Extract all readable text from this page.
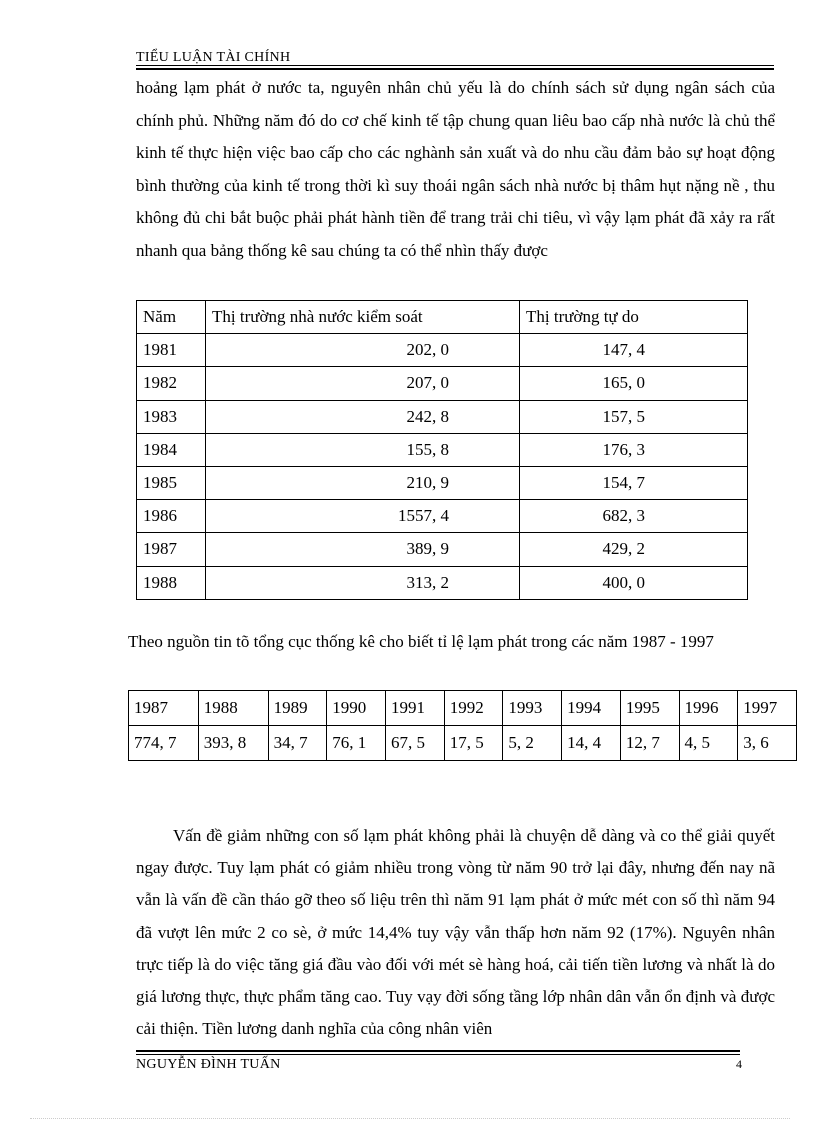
TIỂU LUẬN TÀI CHÍNH

hoảng lạm phát ở nước ta, nguyên nhân chủ yếu là do chính sách sử dụng ngân sách của chính phủ. Những năm đó do cơ chế kinh tế tập chung quan liêu bao cấp nhà nước là chủ thể kinh tế thực hiện việc bao cấp cho các nghành sản xuất và do nhu cầu đảm bảo sự hoạt động bình thường của kinh tế trong thời kì suy thoái ngân sách nhà nước bị thâm hụt nặng nề , thu không đủ chi bắt buộc phải phát hành tiền để trang trải chi tiêu, vì vậy lạm phát đã xảy ra rất nhanh qua bảng thống kê sau chúng ta có thể nhìn thấy được

Năm	Thị trường nhà nước kiểm soát	Thị trường tự do
1981	202, 0	147, 4
1982	207, 0	165, 0
1983	242, 8	157, 5
1984	155, 8	176, 3
1985	210, 9	154, 7
1986	1557, 4	682, 3
1987	389, 9	429, 2
1988	313, 2	400, 0

Theo nguồn tin tõ tổng cục thống kê cho biết tỉ lệ lạm phát trong các năm 1987 - 1997

1987	1988	1989	1990	1991	1992	1993	1994	1995	1996	1997
774, 7	393, 8	34, 7	76, 1	67, 5	17, 5	5, 2	14, 4	12, 7	4, 5	3, 6

Vấn đề giảm những con số lạm phát không phải là chuyện dễ dàng và co thể giải quyết ngay được. Tuy lạm phát có giảm nhiều trong vòng từ năm 90 trở lại đây, nhưng đến nay nã vẫn là vấn đề cần tháo gỡ theo số liệu trên thì năm 91 lạm phát ở mức mét con số thì năm 94 đã vượt lên mức 2 co sè, ở mức 14,4% tuy vậy vẫn thấp hơn năm 92 (17%). Nguyên nhân trực tiếp là do việc tăng giá đầu vào đối với mét sè hàng hoá, cải tiến tiền lương và nhất là do giá lương thực, thực phẩm tăng cao. Tuy vạy đời sống tầng lớp nhân dân vẫn ổn định và được cải thiện. Tiền lương danh nghĩa của công nhân viên

NGUYỄN ĐÌNH TUẤN	4
